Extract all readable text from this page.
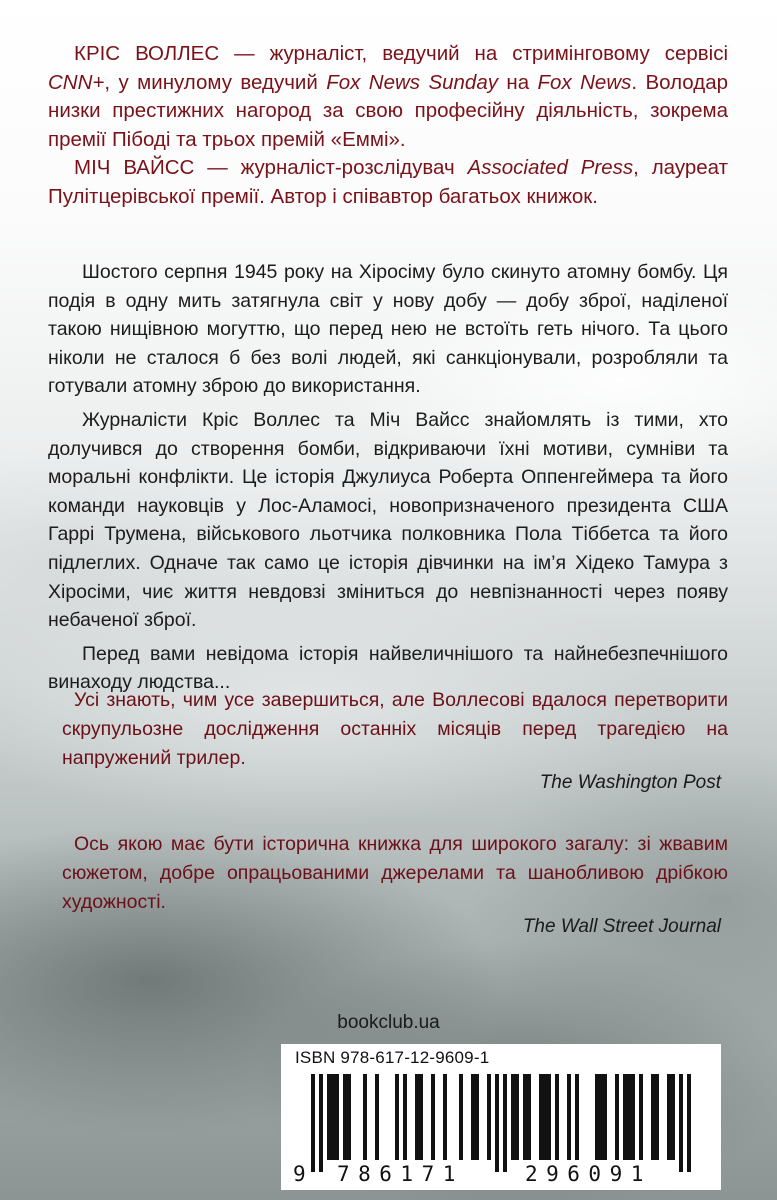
КРІС ВОЛЛЕС — журналіст, ведучий на стримінговому сервісі CNN+, у минулому ведучий Fox News Sunday на Fox News. Володар низки престижних нагород за свою професійну діяльність, зокрема премії Пібоді та трьох премій «Еммі».

МІЧ ВАЙСС — журналіст-розслідувач Associated Press, лауреат Пулітцерівської премії. Автор і співавтор багатьох книжок.

Шостого серпня 1945 року на Хіросіму було скинуто атомну бомбу. Ця подія в одну мить затягнула світ у нову добу — добу зброї, наділеної такою нищівною могуттю, що перед нею не встоїть геть нічого. Та цього ніколи не сталося б без волі людей, які санкціонували, розробляли та готували атомну зброю до використання.

Журналісти Кріс Воллес та Міч Вайсс знайомлять із тими, хто долучився до створення бомби, відкриваючи їхні мотиви, сумніви та моральні конфлікти. Це історія Джулиуса Роберта Оппенгеймера та його команди науковців у Лос-Аламосі, новопризначеного президента США Гаррі Трумена, військового льотчика полковника Пола Тіббетса та його підлеглих. Одначе так само це історія дівчинки на ім’я Хідеко Тамура з Хіросіми, чиє життя невдовзі зміниться до невпізнанності через появу небаченої зброї.

Перед вами невідома історія найвеличнішого та найнебезпечнішого винаходу людства...

Усі знають, чим усе завершиться, але Воллесові вдалося перетворити скрупульозне дослідження останніх місяців перед трагедією на напружений трилер.

The Washington Post

Ось якою має бути історична книжка для широкого загалу: зі жвавим сюжетом, добре опрацьованими джерелами та шанобливою дрібкою художності.

The Wall Street Journal
bookclub.ua
ISBN 978-617-12-9609-1
9 786171	296091
